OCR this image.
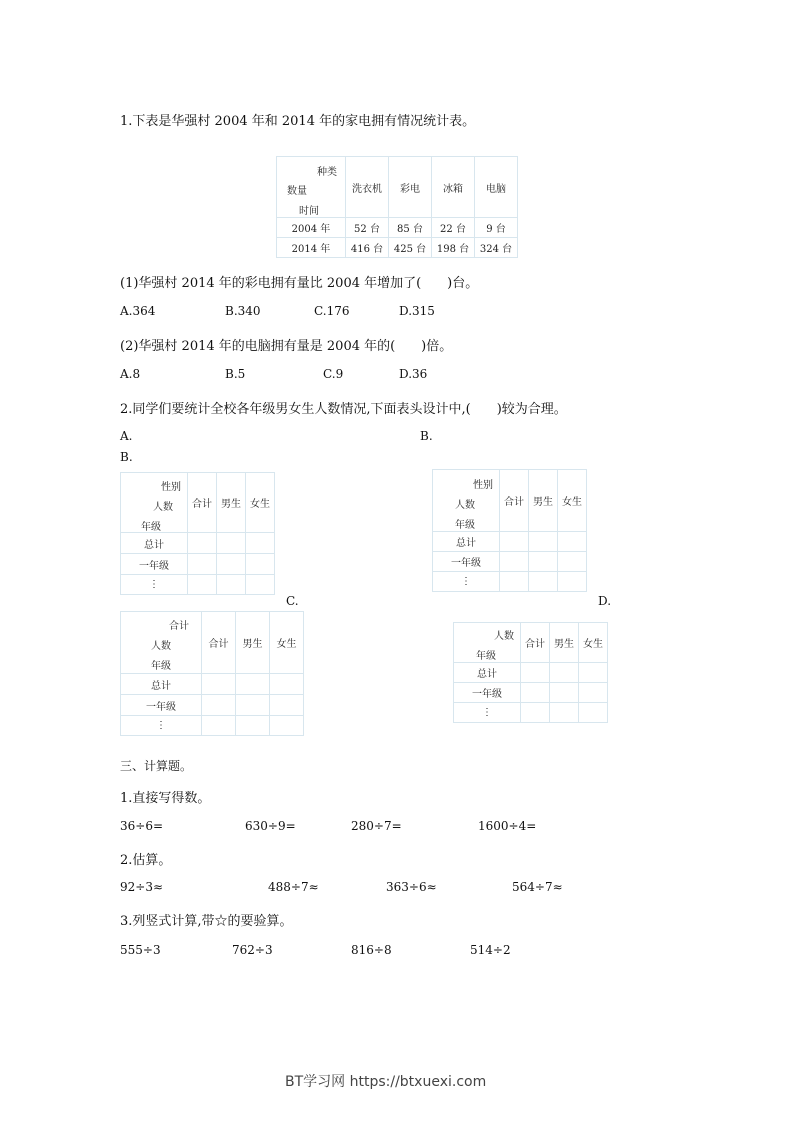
1.下表是华强村 2004 年和 2014 年的家电拥有情况统计表。
种类
数量
时间	洗衣机	彩电	冰箱	电脑
2004 年	52 台	85 台	22 台	9 台
2014 年	416 台	425 台	198 台	324 台
(1)华强村 2014 年的彩电拥有量比 2004 年增加了(　　)台。
A.364	B.340	C.176	D.315
(2)华强村 2014 年的电脑拥有量是 2004 年的(　　)倍。
A.8	B.5	C.9	D.36
2.同学们要统计全校各年级男女生人数情况,下面表头设计中,(　　)较为合理。
A.	B.
B.
性别
人数
年级	合计	男生	女生
总计			
一年级			
⋮			
性别
人数
年级	合计	男生	女生
总计			
一年级			
⋮			
C.	D.
合计
人数
年级	合计	男生	女生
总计			
一年级			
⋮			
人数
年级	合计	男生	女生
总计			
一年级			
⋮			
三、计算题。
1.直接写得数。
36÷6=	630÷9=	280÷7=	1600÷4=
2.估算。
92÷3≈	488÷7≈	363÷6≈	564÷7≈
3.列竖式计算,带☆的要验算。
555÷3	762÷3	816÷8	514÷2
BT学习网 https://btxuexi.com
